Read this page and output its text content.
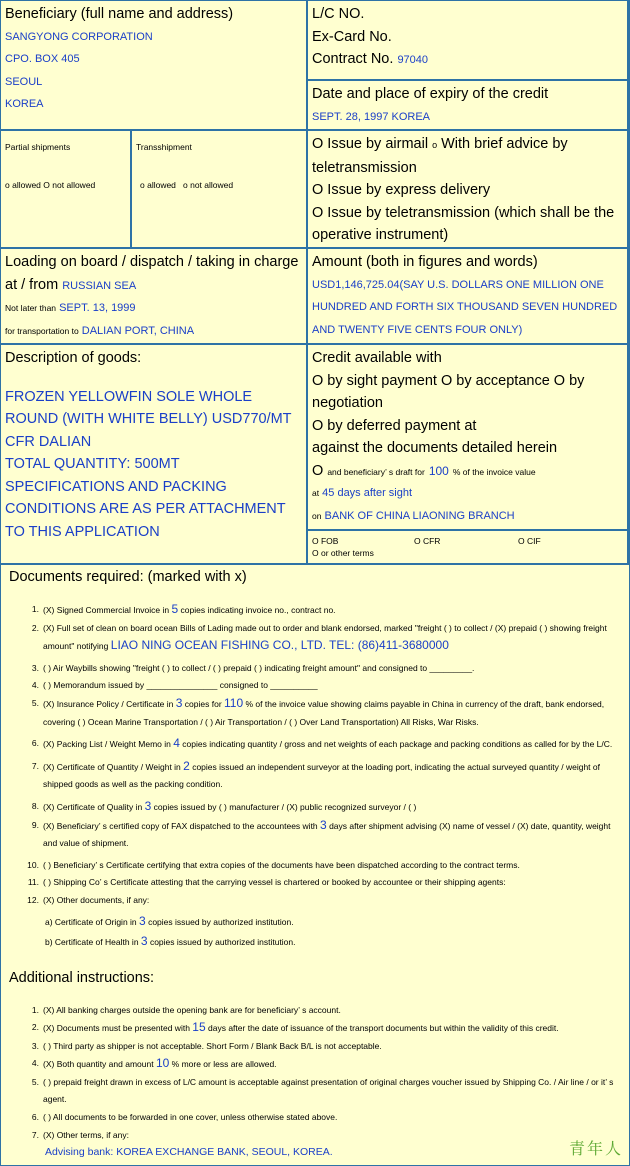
Beneficiary (full name and address)
SANGYONG CORPORATION
CPO. BOX 405
SEOUL
KOREA
L/C NO.
Ex-Card No.
Contract No. 97040
Date and place of expiry of the credit
SEPT. 28, 1997 KOREA
Partial shipments
o allowed O not allowed
Transshipment
o allowed o not allowed
O Issue by airmail o With brief advice by teletransmission
O Issue by express delivery
O Issue by teletransmission (which shall be the operative instrument)
Loading on board / dispatch / taking in charge at / from RUSSIAN SEA
Not later than SEPT. 13, 1999
for transportation to DALIAN PORT, CHINA
Amount (both in figures and words)
USD1,146,725.04(SAY U.S. DOLLARS ONE MILLION ONE HUNDRED AND FORTH SIX THOUSAND SEVEN HUNDRED AND TWENTY FIVE CENTS FOUR ONLY)
Description of goods:
FROZEN YELLOWFIN SOLE WHOLE ROUND (WITH WHITE BELLY) USD770/MT CFR DALIAN
TOTAL QUANTITY: 500MT
SPECIFICATIONS AND PACKING CONDITIONS ARE AS PER ATTACHMENT TO THIS APPLICATION
Credit available with
O by sight payment O by acceptance O by negotiation
O by deferred payment at
against the documents detailed herein
O and beneficiary’ s draft for 100 % of the invoice value
at 45 days after sight
on BANK OF CHINA LIAONING BRANCH
O FOB	O CFR	O CIF
O or other terms
Documents required: (marked with x)
1. (X) Signed Commercial Invoice in 5 copies indicating invoice no., contract no.
2. (X) Full set of clean on board ocean Bills of Lading made out to order and blank endorsed, marked "freight ( ) to collect / (X) prepaid ( ) showing freight amount" notifying LIAO NING OCEAN FISHING CO., LTD. TEL: (86)411-3680000
3. ( ) Air Waybills showing "freight ( ) to collect / ( ) prepaid ( ) indicating freight amount" and consigned to _________.
4. ( ) Memorandum issued by _______________ consigned to __________
5. (X) Insurance Policy / Certificate in 3 copies for 110 % of the invoice value showing claims payable in China in currency of the draft, bank endorsed, covering ( ) Ocean Marine Transportation / ( ) Air Transportation / ( ) Over Land Transportation) All Risks, War Risks.
6. (X) Packing List / Weight Memo in 4 copies indicating quantity / gross and net weights of each package and packing conditions as called for by the L/C.
7. (X) Certificate of Quantity / Weight in 2 copies issued an independent surveyor at the loading port, indicating the actual surveyed quantity / weight of shipped goods as well as the packing condition.
8. (X) Certificate of Quality in 3 copies issued by ( ) manufacturer / (X) public recognized surveyor / ( )
9. (X) Beneficiary’ s certified copy of FAX dispatched to the accountees with 3 days after shipment advising (X) name of vessel / (X) date, quantity, weight and value of shipment.
10. ( ) Beneficiary’ s Certificate certifying that extra copies of the documents have been dispatched according to the contract terms.
11. ( ) Shipping Co’ s Certificate attesting that the carrying vessel is chartered or booked by accountee or their shipping agents:
12. (X) Other documents, if any:
a) Certificate of Origin in 3 copies issued by authorized institution.
b) Certificate of Health in 3 copies issued by authorized institution.
Additional instructions:
1. (X) All banking charges outside the opening bank are for beneficiary’ s account.
2. (X) Documents must be presented with 15 days after the date of issuance of the transport documents but within the validity of this credit.
3. ( ) Third party as shipper is not acceptable. Short Form / Blank Back B/L is not acceptable.
4. (X) Both quantity and amount 10 % more or less are allowed.
5. ( ) prepaid freight drawn in excess of L/C amount is acceptable against presentation of original charges voucher issued by Shipping Co. / Air line / or it’ s agent.
6. ( ) All documents to be forwarded in one cover, unless otherwise stated above.
7. (X) Other terms, if any:
Advising bank: KOREA EXCHANGE BANK, SEOUL, KOREA.	青年人
